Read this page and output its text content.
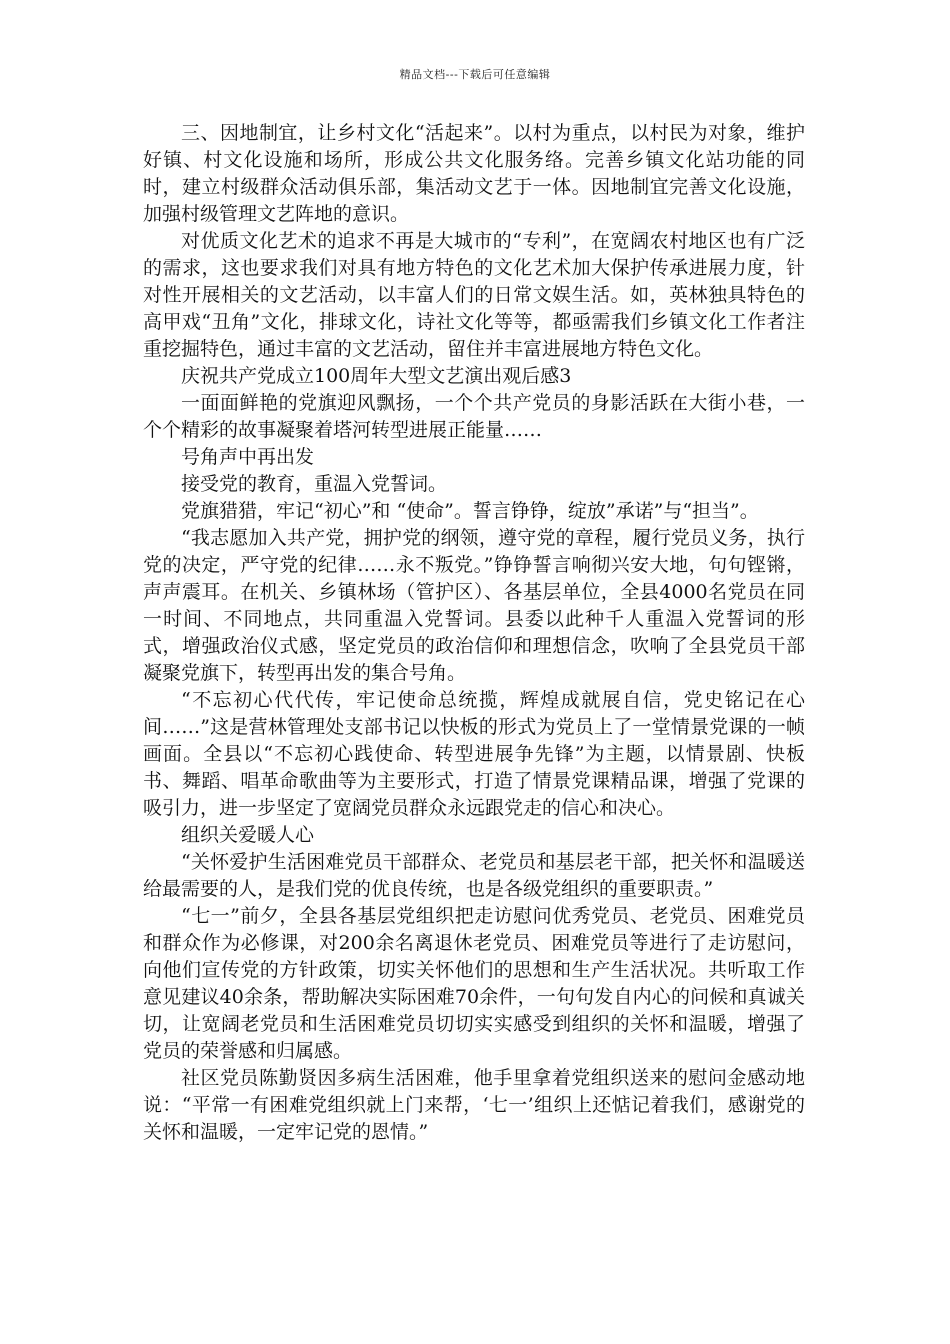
精品文档---下载后可任意编辑

三、因地制宜，让乡村文化“活起来”。以村为重点，以村民为对象，维护好镇、村文化设施和场所，形成公共文化服务络。完善乡镇文化站功能的同时，建立村级群众活动俱乐部，集活动文艺于一体。因地制宜完善文化设施，加强村级管理文艺阵地的意识。

对优质文化艺术的追求不再是大城市的“专利”，在宽阔农村地区也有广泛的需求，这也要求我们对具有地方特色的文化艺术加大保护传承进展力度，针对性开展相关的文艺活动，以丰富人们的日常文娱生活。如，英林独具特色的高甲戏“丑角”文化，排球文化，诗社文化等等，都亟需我们乡镇文化工作者注重挖掘特色，通过丰富的文艺活动，留住并丰富进展地方特色文化。

庆祝共产党成立100周年大型文艺演出观后感3

一面面鲜艳的党旗迎风飘扬，一个个共产党员的身影活跃在大街小巷，一个个精彩的故事凝聚着塔河转型进展正能量……

号角声中再出发

接受党的教育，重温入党誓词。

党旗猎猎，牢记“初心”和 “使命”。誓言铮铮，绽放”承诺”与“担当”。

“我志愿加入共产党，拥护党的纲领，遵守党的章程，履行党员义务，执行党的决定，严守党的纪律……永不叛党。”铮铮誓言响彻兴安大地，句句铿锵，声声震耳。在机关、乡镇林场（管护区）、各基层单位，全县4000名党员在同一时间、不同地点，共同重温入党誓词。县委以此种千人重温入党誓词的形式，增强政治仪式感，坚定党员的政治信仰和理想信念，吹响了全县党员干部凝聚党旗下，转型再出发的集合号角。

“不忘初心代代传，牢记使命总统揽，辉煌成就展自信，党史铭记在心间……”这是营林管理处支部书记以快板的形式为党员上了一堂情景党课的一帧画面。全县以“不忘初心践使命、转型进展争先锋”为主题，以情景剧、快板书、舞蹈、唱革命歌曲等为主要形式，打造了情景党课精品课，增强了党课的吸引力，进一步坚定了宽阔党员群众永远跟党走的信心和决心。

组织关爱暖人心

“关怀爱护生活困难党员干部群众、老党员和基层老干部，把关怀和温暖送给最需要的人，是我们党的优良传统，也是各级党组织的重要职责。”

“七一”前夕，全县各基层党组织把走访慰问优秀党员、老党员、困难党员和群众作为必修课，对200余名离退休老党员、困难党员等进行了走访慰问，向他们宣传党的方针政策，切实关怀他们的思想和生产生活状况。共听取工作意见建议40余条，帮助解决实际困难70余件，一句句发自内心的问候和真诚关切，让宽阔老党员和生活困难党员切切实实感受到组织的关怀和温暖，增强了党员的荣誉感和归属感。

社区党员陈勤贤因多病生活困难，他手里拿着党组织送来的慰问金感动地说：“平常一有困难党组织就上门来帮，‘七一’组织上还惦记着我们，感谢党的关怀和温暖，一定牢记党的恩情。”
